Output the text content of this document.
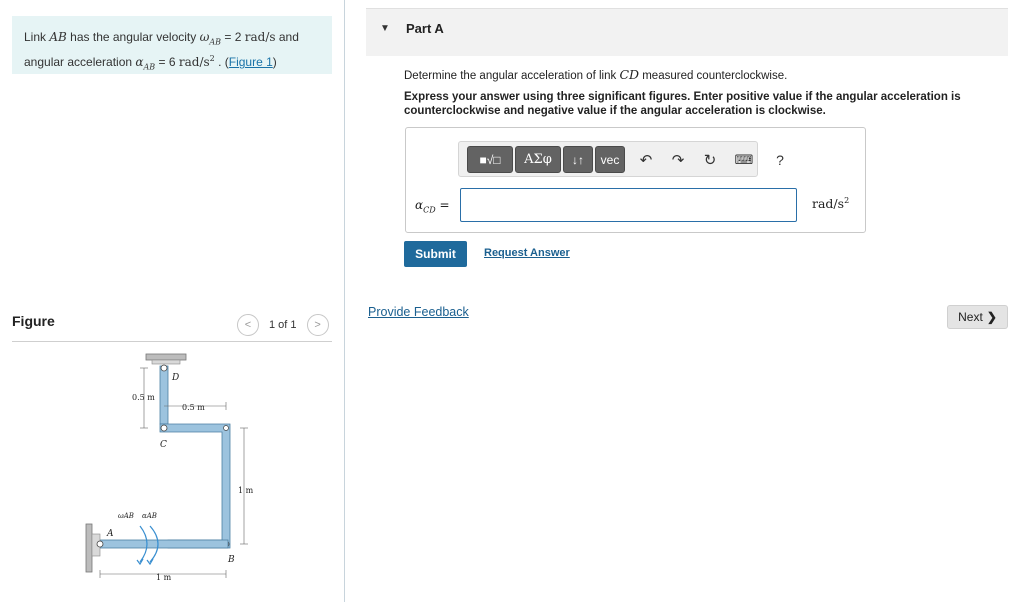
Link AB has the angular velocity $\omega_{AB} = 2$ rad/s and
angular acceleration $\alpha_{AB} = 6$ rad/$s^2$ . (Figure 1)
Figure	< 1 of 1 >
D
C
A
B
0.5 m
0.5 m
1 m
1 m
ωAB αAB
▼ Part A
Determine the angular acceleration of link CD measured counterclockwise.
Express your answer using three significant figures. Enter positive value if the angular acceleration is counterclockwise and negative value if the angular acceleration is clockwise.
■√□	ΑΣφ	↓↑	vec	↶	↷	↻	⌨	?
$\alpha_{CD}$ =	rad/$s^2$
Submit	Request Answer
Provide Feedback	Next ❯
